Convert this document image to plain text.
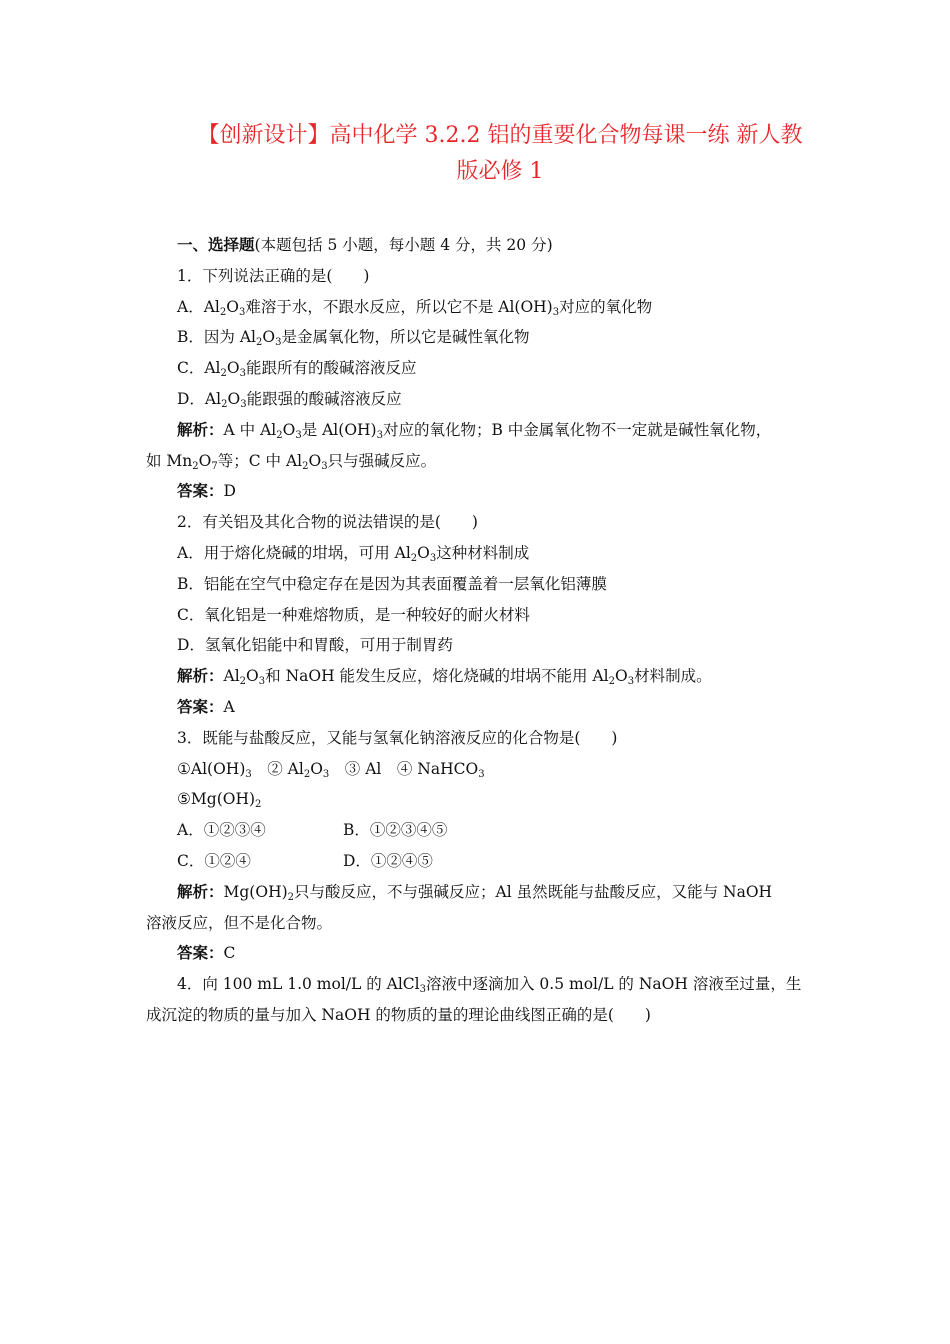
【创新设计】高中化学 3.2.2 铝的重要化合物每课一练 新人教
版必修 1
一、选择题(本题包括 5 小题，每小题 4 分，共 20 分)
1．下列说法正确的是(　　)
A．$Al_2O_3$难溶于水，不跟水反应，所以它不是 $Al(OH)_3$对应的氧化物
B．因为 $Al_2O_3$是金属氧化物，所以它是碱性氧化物
C．$Al_2O_3$能跟所有的酸碱溶液反应
D．$Al_2O_3$能跟强的酸碱溶液反应
解析：A 中 $Al_2O_3$是 $Al(OH)_3$对应的氧化物；B 中金属氧化物不一定就是碱性氧化物，
如 $Mn_2O_7$等；C 中 $Al_2O_3$只与强碱反应。
答案：D
2．有关铝及其化合物的说法错误的是(　　)
A．用于熔化烧碱的坩埚，可用 $Al_2O_3$这种材料制成
B．铝能在空气中稳定存在是因为其表面覆盖着一层氧化铝薄膜
C．氧化铝是一种难熔物质，是一种较好的耐火材料
D．氢氧化铝能中和胃酸，可用于制胃药
解析：$Al_2O_3$和 NaOH 能发生反应，熔化烧碱的坩埚不能用 $Al_2O_3$材料制成。
答案：A
3．既能与盐酸反应，又能与氢氧化钠溶液反应的化合物是(　　)
$①Al(OH)_3$　② $Al_2O_3$　③ Al　④ NaHCO$_3$
$⑤Mg(OH)_2$
A．①②③④	B．①②③④⑤
C．①②④	D．①②④⑤
解析：$Mg(OH)_2$只与酸反应，不与强碱反应；Al 虽然既能与盐酸反应，又能与 NaOH
溶液反应，但不是化合物。
答案：C
4．向 100 mL 1.0 mol/L 的 AlCl$_3$溶液中逐滴加入 0.5 mol/L 的 NaOH 溶液至过量，生
成沉淀的物质的量与加入 NaOH 的物质的量的理论曲线图正确的是(　　)
